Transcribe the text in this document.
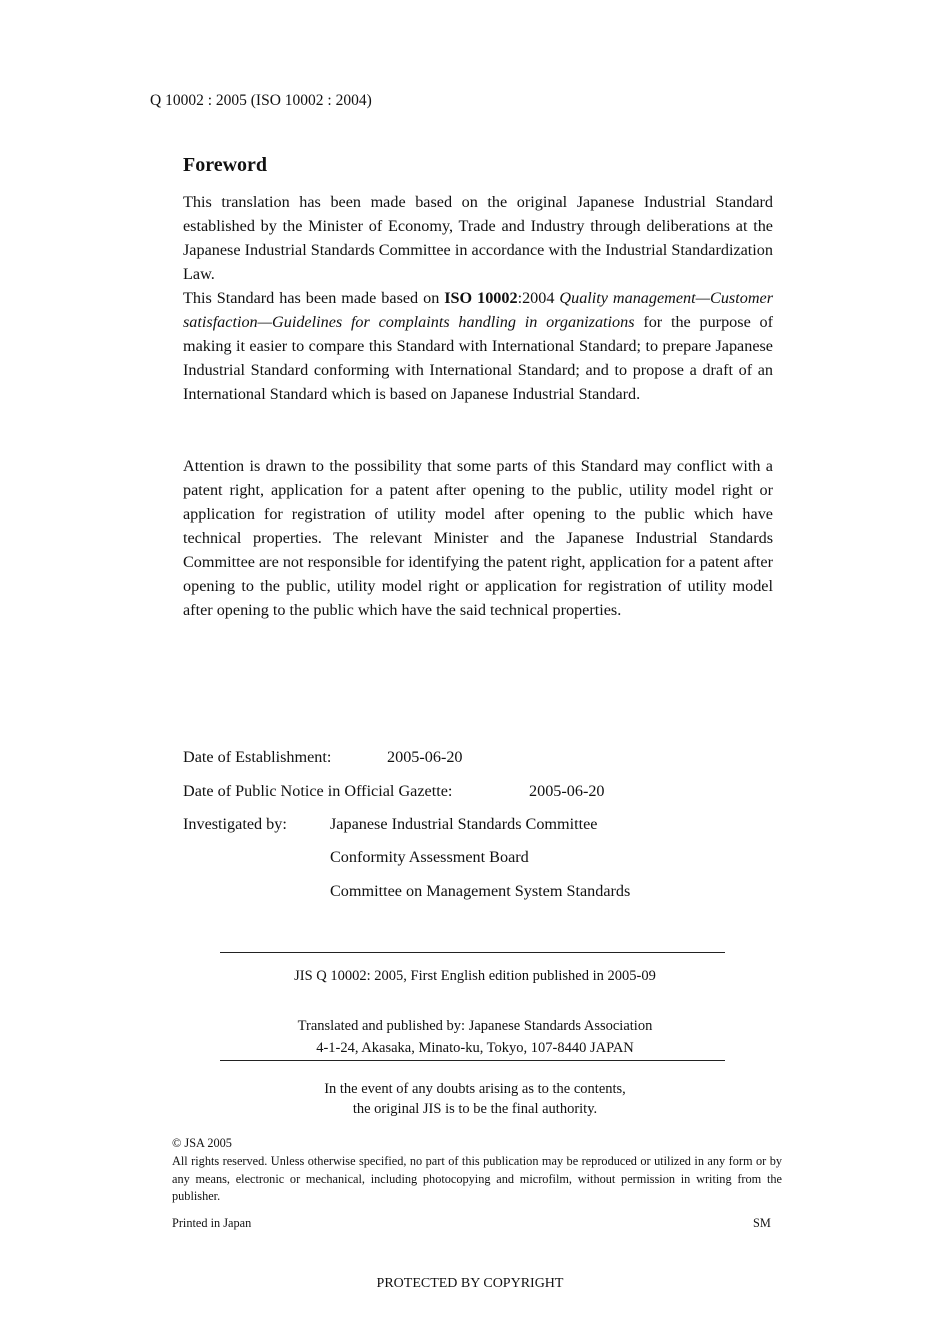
Q 10002 : 2005 (ISO 10002 : 2004)
Foreword

This translation has been made based on the original Japanese Industrial Standard established by the Minister of Economy, Trade and Industry through deliberations at the Japanese Industrial Standards Committee in accordance with the Industrial Standardization Law.

This Standard has been made based on ISO 10002:2004 Quality management—Customer satisfaction—Guidelines for complaints handling in organizations for the purpose of making it easier to compare this Standard with International Standard; to prepare Japanese Industrial Standard conforming with International Standard; and to propose a draft of an International Standard which is based on Japanese Industrial Standard.

Attention is drawn to the possibility that some parts of this Standard may conflict with a patent right, application for a patent after opening to the public, utility model right or application for registration of utility model after opening to the public which have technical properties. The relevant Minister and the Japanese Industrial Standards Committee are not responsible for identifying the patent right, application for a patent after opening to the public, utility model right or application for registration of utility model after opening to the public which have the said technical properties.

Date of Establishment:	2005-06-20
Date of Public Notice in Official Gazette:	2005-06-20
Investigated by:	Japanese Industrial Standards Committee
Conformity Assessment Board
Committee on Management System Standards
JIS Q 10002: 2005, First English edition published in 2005-09
Translated and published by: Japanese Standards Association
4-1-24, Akasaka, Minato-ku, Tokyo, 107-8440 JAPAN
In the event of any doubts arising as to the contents,
the original JIS is to be the final authority.
© JSA 2005
All rights reserved. Unless otherwise specified, no part of this publication may be reproduced or utilized in any form or by any means, electronic or mechanical, including photocopying and microfilm, without permission in writing from the publisher.
Printed in Japan	SM
PROTECTED BY COPYRIGHT
